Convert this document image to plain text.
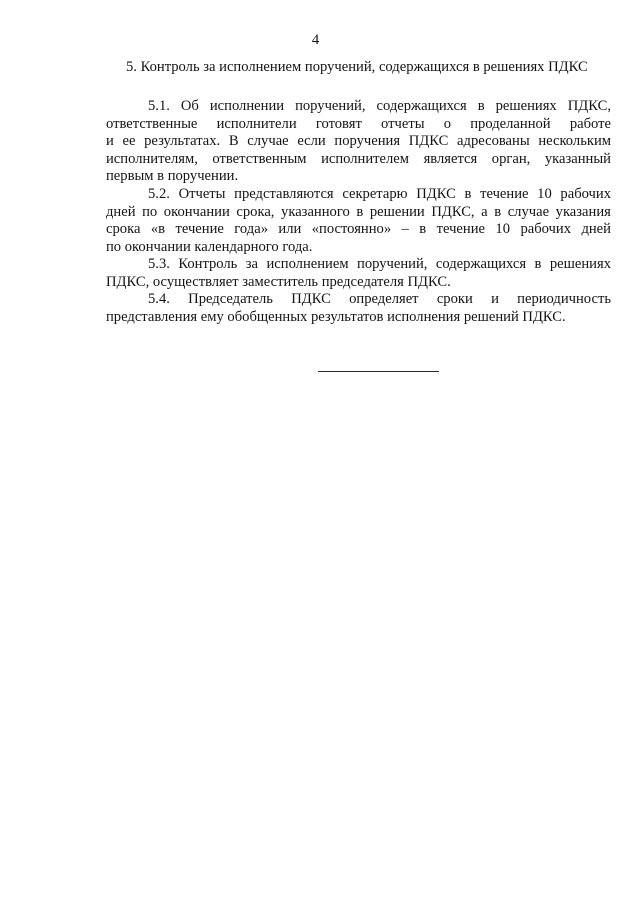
4
5. Контроль за исполнением поручений, содержащихся в решениях ПДКС
5.1. Об исполнении поручений, содержащихся в решениях ПДКС,
ответственные исполнители готовят отчеты о проделанной работе
и ее результатах. В случае если поручения ПДКС адресованы нескольким
исполнителям, ответственным исполнителем является орган, указанный
первым в поручении.
5.2. Отчеты представляются секретарю ПДКС в течение 10 рабочих
дней по окончании срока, указанного в решении ПДКС, а в случае указания
срока «в течение года» или «постоянно» – в течение 10 рабочих дней
по окончании календарного года.
5.3. Контроль за исполнением поручений, содержащихся в решениях
ПДКС, осуществляет заместитель председателя ПДКС.
5.4. Председатель ПДКС определяет сроки и периодичность
представления ему обобщенных результатов исполнения решений ПДКС.
